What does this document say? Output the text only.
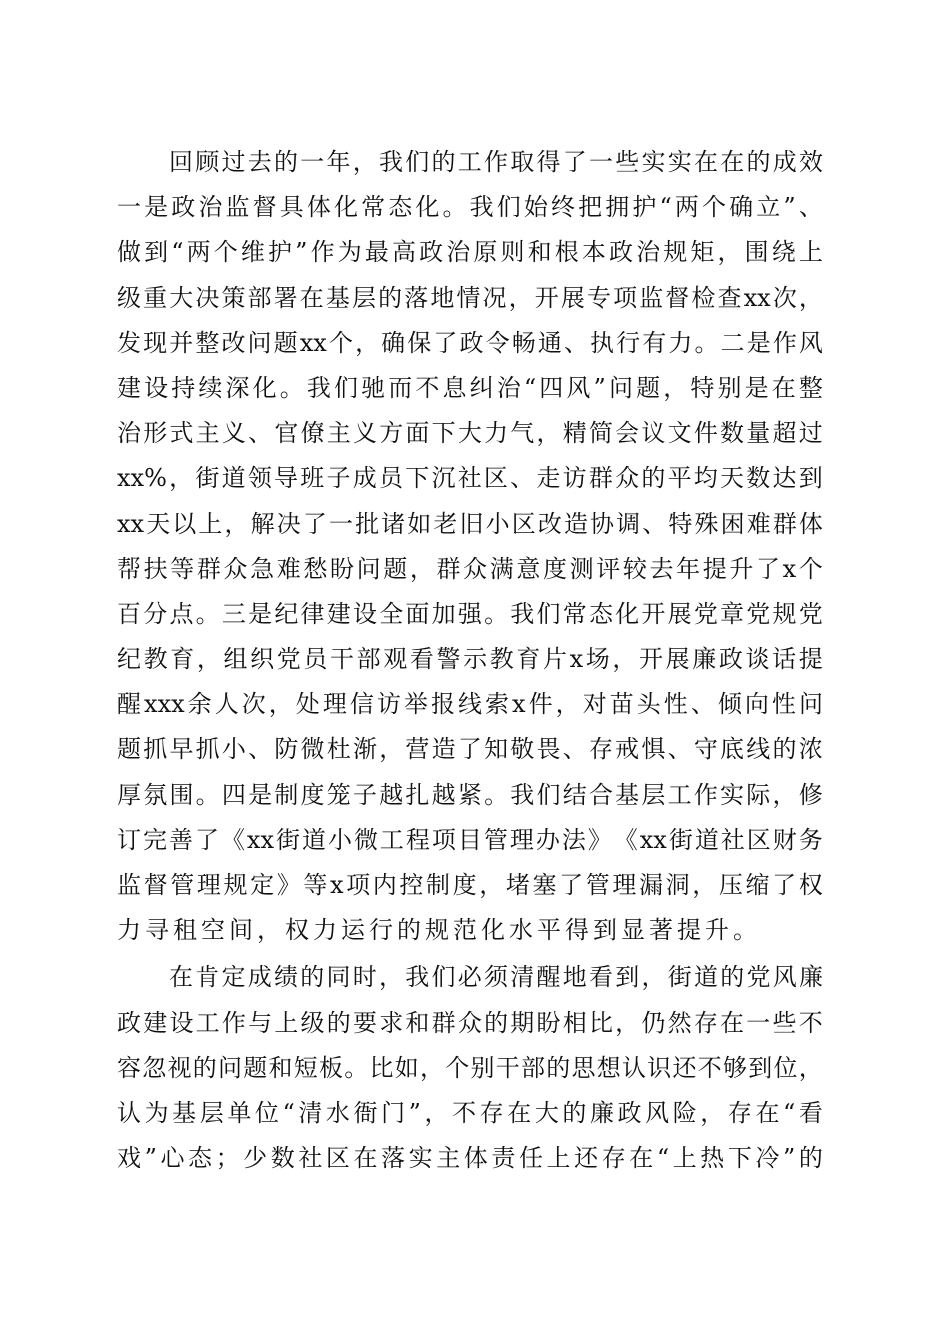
回 顾 过 去 的 一 年 ， 我 们 的 工 作 取 得 了 一 些 实 实 在 在 的 成 效
一 是 政 治 监 督 具 体 化 常 态 化 。 我 们 始 终 把 拥 护 “ 两 个 确 立 ” 、
做 到 “ 两 个 维 护 ” 作 为 最 高 政 治 原 则 和 根 本 政 治 规 矩 ， 围 绕 上
级 重 大 决 策 部 署 在 基 层 的 落 地 情 况 ， 开 展 专 项 监 督 检 查 xx 次 ，
发 现 并 整 改 问 题 xx 个 ， 确 保 了 政 令 畅 通 、 执 行 有 力 。 二 是 作 风
建 设 持 续 深 化 。 我 们 驰 而 不 息 纠 治 “ 四 风 ” 问 题 ， 特 别 是 在 整
治 形 式 主 义 、 官 僚 主 义 方 面 下 大 力 气 ， 精 简 会 议 文 件 数 量 超 过
xx% ， 街 道 领 导 班 子 成 员 下 沉 社 区 、 走 访 群 众 的 平 均 天 数 达 到
xx 天 以 上 ， 解 决 了 一 批 诸 如 老 旧 小 区 改 造 协 调 、 特 殊 困 难 群 体
帮 扶 等 群 众 急 难 愁 盼 问 题 ， 群 众 满 意 度 测 评 较 去 年 提 升 了 x 个
百 分 点 。 三 是 纪 律 建 设 全 面 加 强 。 我 们 常 态 化 开 展 党 章 党 规 党
纪 教 育 ， 组 织 党 员 干 部 观 看 警 示 教 育 片 x 场 ， 开 展 廉 政 谈 话 提
醒 xxx 余 人 次 ， 处 理 信 访 举 报 线 索 x 件 ， 对 苗 头 性 、 倾 向 性 问
题 抓 早 抓 小 、 防 微 杜 渐 ， 营 造 了 知 敬 畏 、 存 戒 惧 、 守 底 线 的 浓
厚 氛 围 。 四 是 制 度 笼 子 越 扎 越 紧 。 我 们 结 合 基 层 工 作 实 际 ， 修
订 完 善 了 《 xx 街 道 小 微 工 程 项 目 管 理 办 法 》 《 xx 街 道 社 区 财 务
监 督 管 理 规 定 》 等 x 项 内 控 制 度 ， 堵 塞 了 管 理 漏 洞 ， 压 缩 了 权
力 寻 租 空 间 ， 权 力 运 行 的 规 范 化 水 平 得 到 显 著 提 升 。
在 肯 定 成 绩 的 同 时 ， 我 们 必 须 清 醒 地 看 到 ， 街 道 的 党 风 廉
政 建 设 工 作 与 上 级 的 要 求 和 群 众 的 期 盼 相 比 ， 仍 然 存 在 一 些 不
容 忽 视 的 问 题 和 短 板 。 比 如 ， 个 别 干 部 的 思 想 认 识 还 不 够 到 位 ，
认 为 基 层 单 位 “ 清 水 衙 门 ” ， 不 存 在 大 的 廉 政 风 险 ， 存 在 “ 看
戏 ” 心 态 ； 少 数 社 区 在 落 实 主 体 责 任 上 还 存 在 “ 上 热 下 冷 ” 的
